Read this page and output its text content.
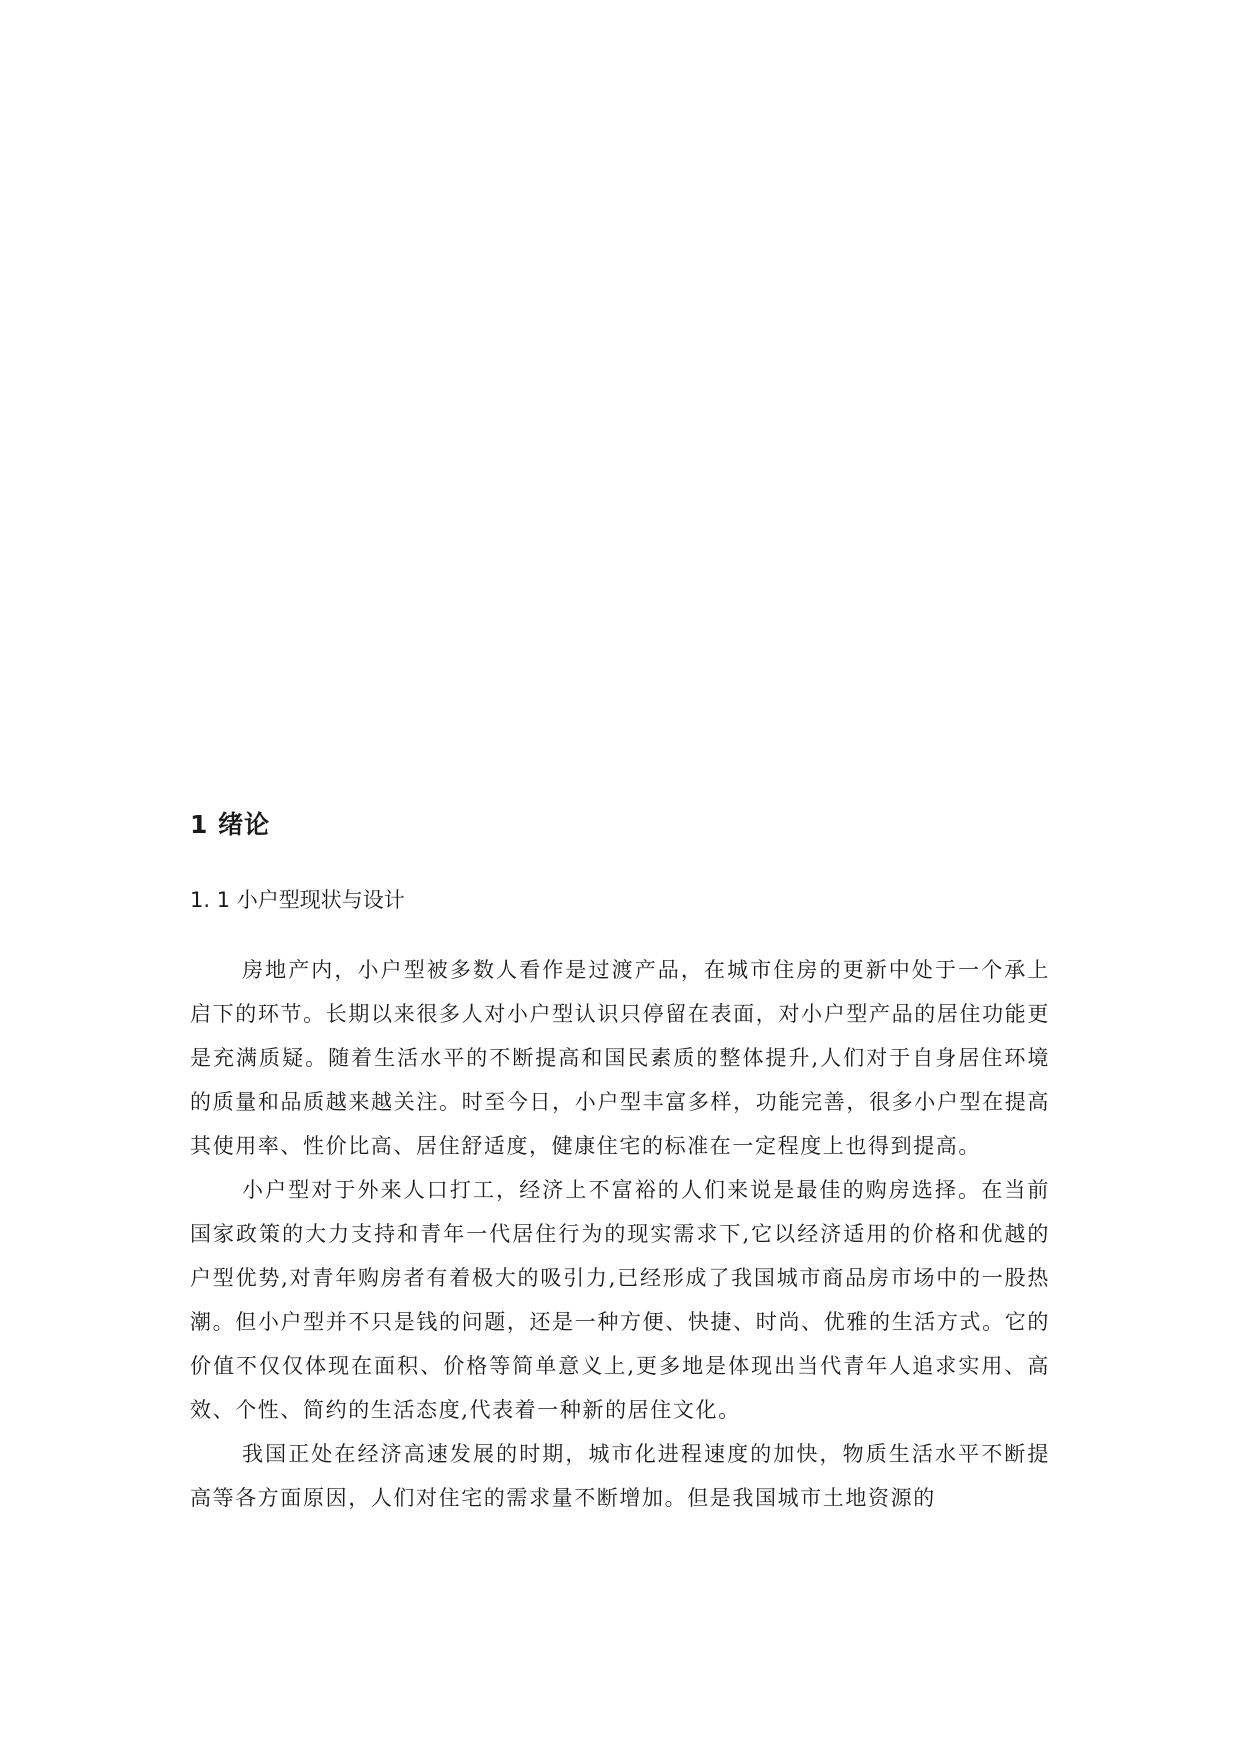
1 绪论
1. 1 小户型现状与设计

房地产内，小户型被多数人看作是过渡产品，在城市住房的更新中处于一个承上启下的环节。长期以来很多人对小户型认识只停留在表面，对小户型产品的居住功能更是充满质疑。随着生活水平的不断提高和国民素质的整体提升,人们对于自身居住环境的质量和品质越来越关注。时至今日，小户型丰富多样，功能完善，很多小户型在提高其使用率、性价比高、居住舒适度，健康住宅的标准在一定程度上也得到提高。

小户型对于外来人口打工，经济上不富裕的人们来说是最佳的购房选择。在当前国家政策的大力支持和青年一代居住行为的现实需求下,它以经济适用的价格和优越的户型优势,对青年购房者有着极大的吸引力,已经形成了我国城市商品房市场中的一股热潮。但小户型并不只是钱的问题，还是一种方便、快捷、时尚、优雅的生活方式。它的价值不仅仅体现在面积、价格等简单意义上,更多地是体现出当代青年人追求实用、高效、个性、简约的生活态度,代表着一种新的居住文化。

我国正处在经济高速发展的时期，城市化进程速度的加快，物质生活水平不断提高等各方面原因，人们对住宅的需求量不断增加。但是我国城市土地资源的
